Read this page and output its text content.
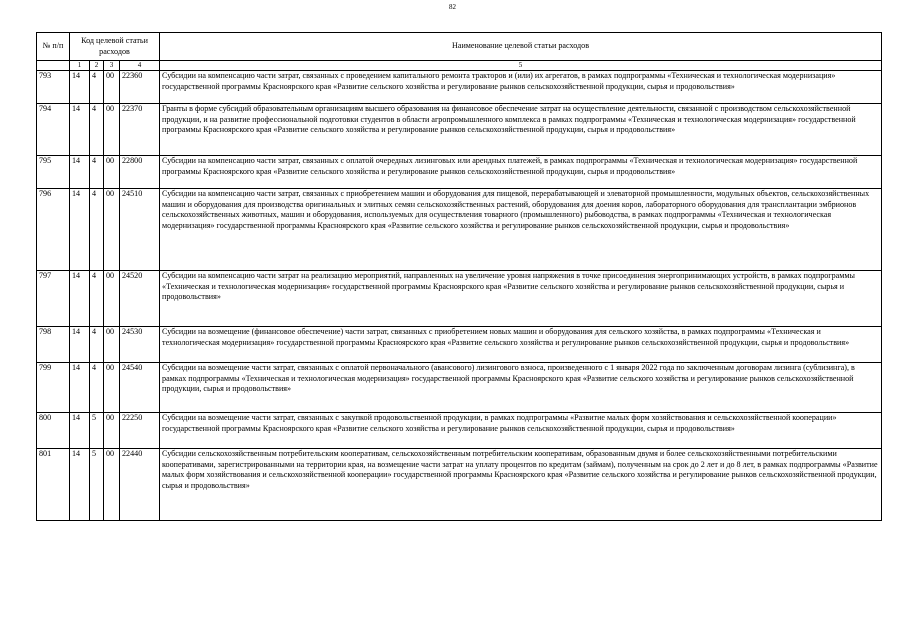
82
№ п/п	Код целевой статьи расходов				Наименование целевой статьи расходов

	1	2	3	4	5
793	14	4	00	22360	Субсидии на компенсацию части затрат, связанных с проведением капитального ремонта тракторов и (или) их агрегатов, в рамках подпрограммы «Техническая и технологическая модернизация» государственной программы Красноярского края «Развитие сельского хозяйства и регулирование рынков сельскохозяйственной продукции, сырья и продовольствия»
794	14	4	00	22370	Гранты в форме субсидий образовательным организациям высшего образования на финансовое обеспечение затрат на осуществление деятельности, связанной с производством сельскохозяйственной продукции, и на развитие профессиональной подготовки студентов в области агропромышленного комплекса в рамках подпрограммы «Техническая и технологическая модернизация» государственной программы Красноярского края «Развитие сельского хозяйства и регулирование рынков сельскохозяйственной продукции, сырья и продовольствия»
795	14	4	00	22800	Субсидии на компенсацию части затрат, связанных с оплатой очередных лизинговых или арендных платежей, в рамках подпрограммы «Техническая и технологическая модернизация» государственной программы Красноярского края «Развитие сельского хозяйства и регулирование рынков сельскохозяйственной продукции, сырья и продовольствия»
796	14	4	00	24510	Субсидии на компенсацию части затрат, связанных с приобретением машин и оборудования для пищевой, перерабатывающей и элеваторной промышленности, модульных объектов, сельскохозяйственных машин и оборудования для производства оригинальных и элитных семян сельскохозяйственных растений, оборудования для доения коров, лабораторного оборудования для трансплантации эмбрионов сельскохозяйственных животных, машин и оборудования, используемых для осуществления товарного (промышленного) рыбоводства, в рамках подпрограммы «Техническая и технологическая модернизация» государственной программы Красноярского края «Развитие сельского хозяйства и регулирование рынков сельскохозяйственной продукции, сырья и продовольствия»
797	14	4	00	24520	Субсидии на компенсацию части затрат на реализацию мероприятий, направленных на увеличение уровня напряжения в точке присоединения энергопринимающих устройств, в рамках подпрограммы «Техническая и технологическая модернизация» государственной программы Красноярского края «Развитие сельского хозяйства и регулирование рынков сельскохозяйственной продукции, сырья и продовольствия»
798	14	4	00	24530	Субсидии на возмещение (финансовое обеспечение) части затрат, связанных с приобретением новых машин и оборудования для сельского хозяйства, в рамках подпрограммы «Техническая и технологическая модернизация» государственной программы Красноярского края «Развитие сельского хозяйства и регулирование рынков сельскохозяйственной продукции, сырья и продовольствия»
799	14	4	00	24540	Субсидии на возмещение части затрат, связанных с оплатой первоначального (авансового) лизингового взноса, произведенного с 1 января 2022 года по заключенным договорам лизинга (сублизинга), в рамках подпрограммы «Техническая и технологическая модернизация» государственной программы Красноярского края «Развитие сельского хозяйства и регулирование рынков сельскохозяйственной продукции, сырья и продовольствия»
800	14	5	00	22250	Субсидии на возмещение части затрат, связанных с закупкой продовольственной продукции, в рамках подпрограммы «Развитие малых форм хозяйствования и сельскохозяйственной кооперации» государственной программы Красноярского края «Развитие сельского хозяйства и регулирование рынков сельскохозяйственной продукции, сырья и продовольствия»
801	14	5	00	22440	Субсидии сельскохозяйственным потребительским кооперативам, сельскохозяйственным потребительским кооперативам, образованным двумя и более сельскохозяйственными потребительскими кооперативами, зарегистрированными на территории края, на возмещение части затрат на уплату процентов по кредитам (займам), полученным на срок до 2 лет и до 8 лет, в рамках подпрограммы «Развитие малых форм хозяйствования и сельскохозяйственной кооперации» государственной программы Красноярского края «Развитие сельского хозяйства и регулирование рынков сельскохозяйственной продукции, сырья и продовольствия»
